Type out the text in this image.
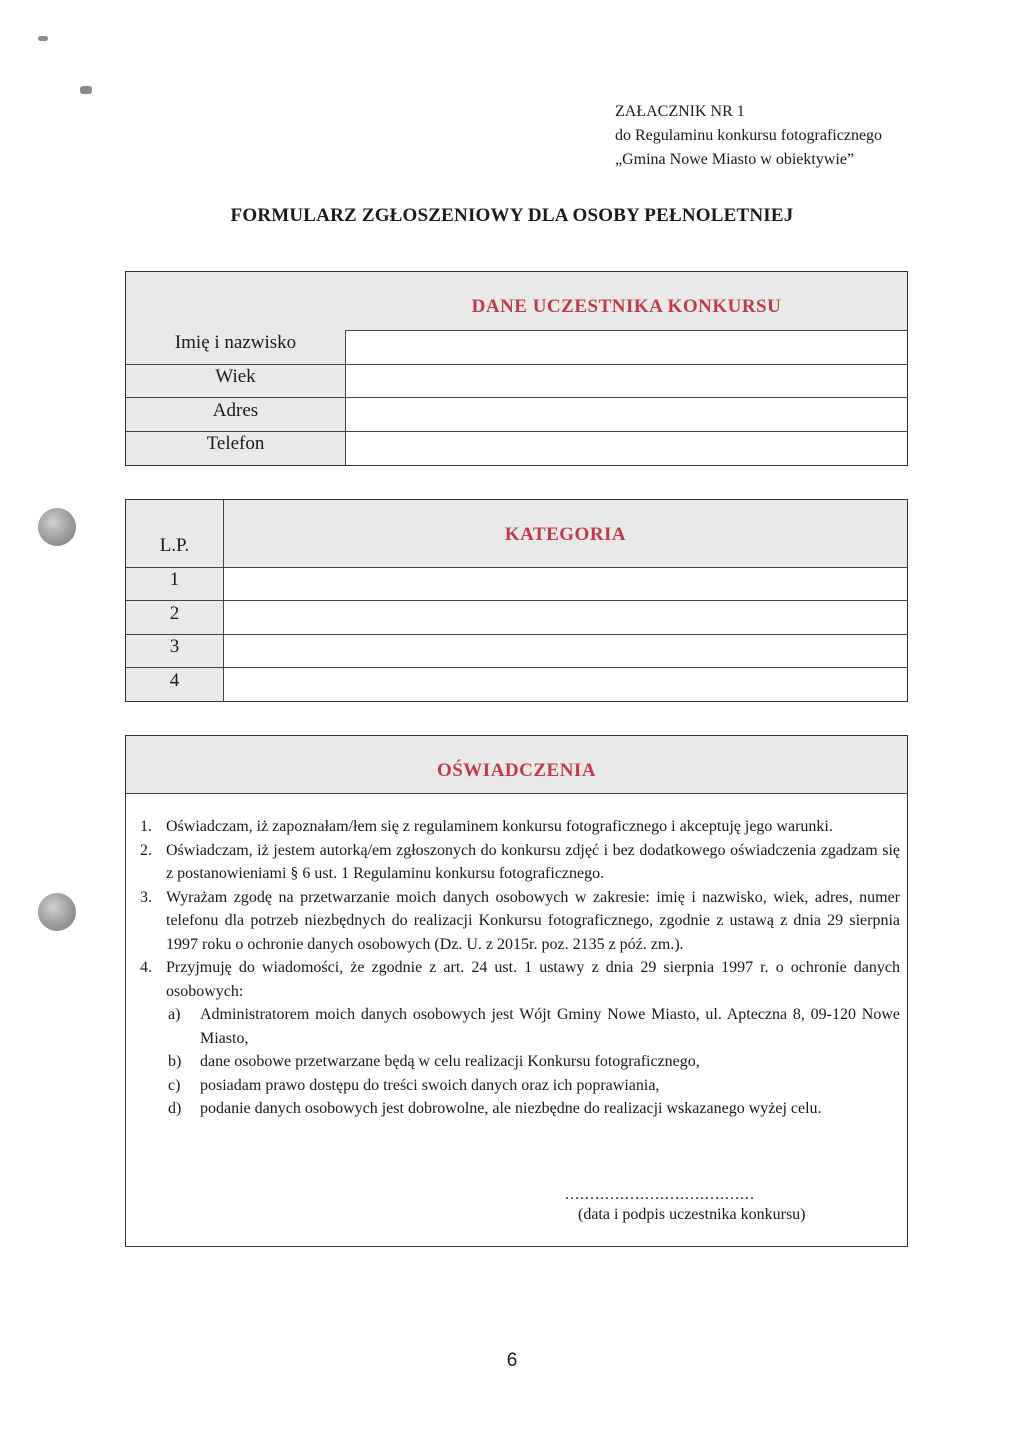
ZAŁACZNIK NR 1
do Regulaminu konkursu fotograficznego
„Gmina Nowe Miasto w obiektywie”
FORMULARZ ZGŁOSZENIOWY DLA OSOBY PEŁNOLETNIEJ
DANE UCZESTNIKA KONKURSU
Imię i nazwisko
Wiek
Adres
Telefon
L.P.
KATEGORIA
1
2
3
4
OŚWIADCZENIA
1. Oświadczam, iż zapoznałam/łem się z regulaminem konkursu fotograficznego i akceptuję jego warunki.
2. Oświadczam, iż jestem autorką/em zgłoszonych do konkursu zdjęć i bez dodatkowego oświadczenia zgadzam się z postanowieniami § 6 ust. 1 Regulaminu konkursu fotograficznego.
3. Wyrażam zgodę na przetwarzanie moich danych osobowych w zakresie: imię i nazwisko, wiek, adres, numer telefonu dla potrzeb niezbędnych do realizacji Konkursu fotograficznego, zgodnie z ustawą z dnia 29 sierpnia 1997 roku o ochronie danych osobowych (Dz. U. z 2015r. poz. 2135 z póź. zm.).
4. Przyjmuję do wiadomości, że zgodnie z art. 24 ust. 1 ustawy z dnia 29 sierpnia 1997 r. o ochronie danych osobowych:
a) Administratorem moich danych osobowych jest Wójt Gminy Nowe Miasto, ul. Apteczna 8, 09-120 Nowe Miasto,
b) dane osobowe przetwarzane będą w celu realizacji Konkursu fotograficznego,
c) posiadam prawo dostępu do treści swoich danych oraz ich poprawiania,
d) podanie danych osobowych jest dobrowolne, ale niezbędne do realizacji wskazanego wyżej celu.
......................................
(data i podpis uczestnika konkursu)
6
